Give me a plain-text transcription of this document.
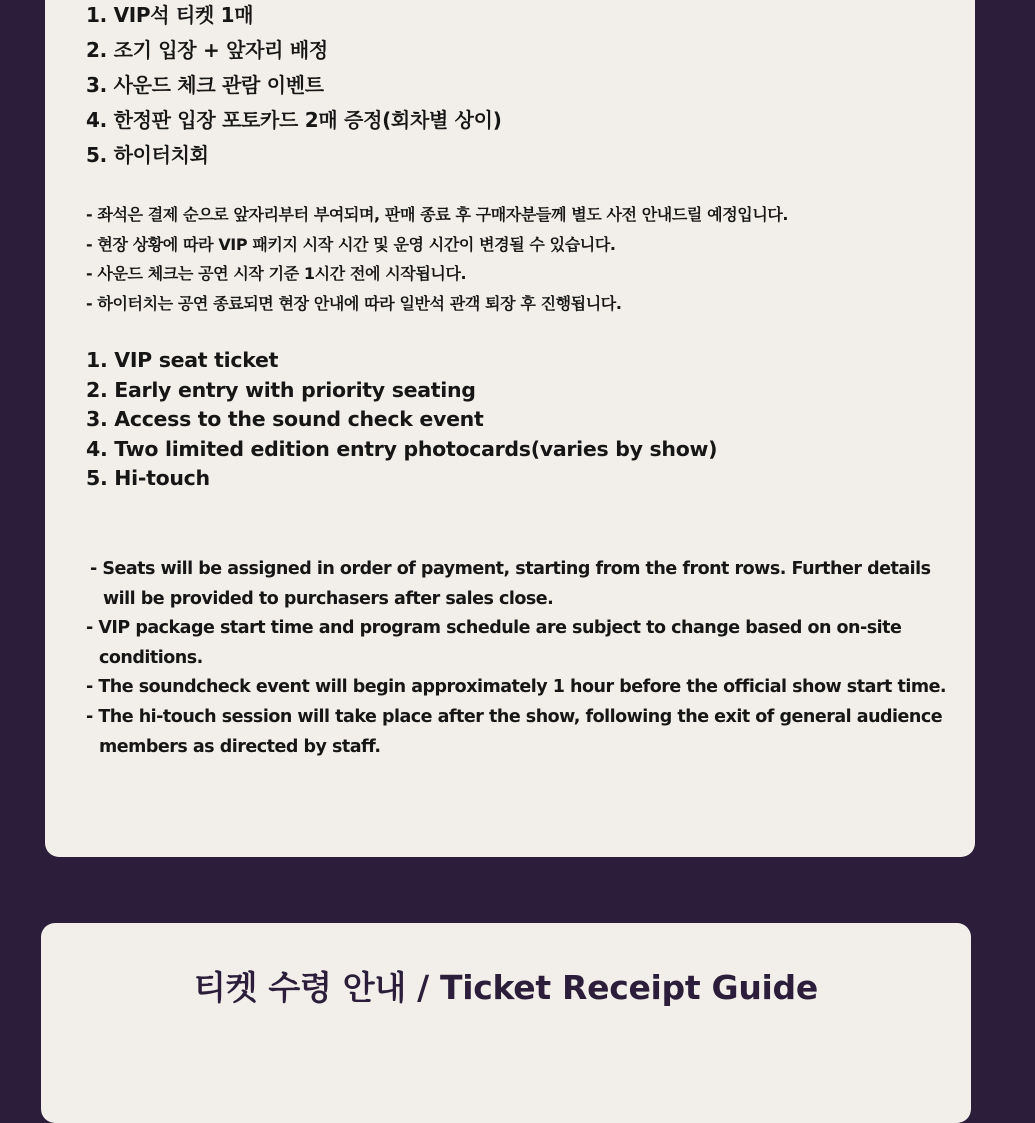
1. VIP석 티켓 1매
2. 조기 입장 + 앞자리 배정
3. 사운드 체크 관람 이벤트
4. 한정판 입장 포토카드 2매 증정(회차별 상이)
5. 하이터치회
- 좌석은 결제 순으로 앞자리부터 부여되며, 판매 종료 후 구매자분들께 별도 사전 안내드릴 예정입니다.
- 현장 상황에 따라 VIP 패키지 시작 시간 및 운영 시간이 변경될 수 있습니다.
- 사운드 체크는 공연 시작 기준 1시간 전에 시작됩니다.
- 하이터치는 공연 종료되면 현장 안내에 따라 일반석 관객 퇴장 후 진행됩니다.
1. VIP seat ticket
2. Early entry with priority seating
3. Access to the sound check event
4. Two limited edition entry photocards(varies by show)
5. Hi-touch
- Seats will be assigned in order of payment, starting from the front rows. Further details will be provided to purchasers after sales close.
- VIP package start time and program schedule are subject to change based on on-site conditions.
- The soundcheck event will begin approximately 1 hour before the official show start time.
- The hi-touch session will take place after the show, following the exit of general audience members as directed by staff.
티켓 수령 안내 / Ticket Receipt Guide
